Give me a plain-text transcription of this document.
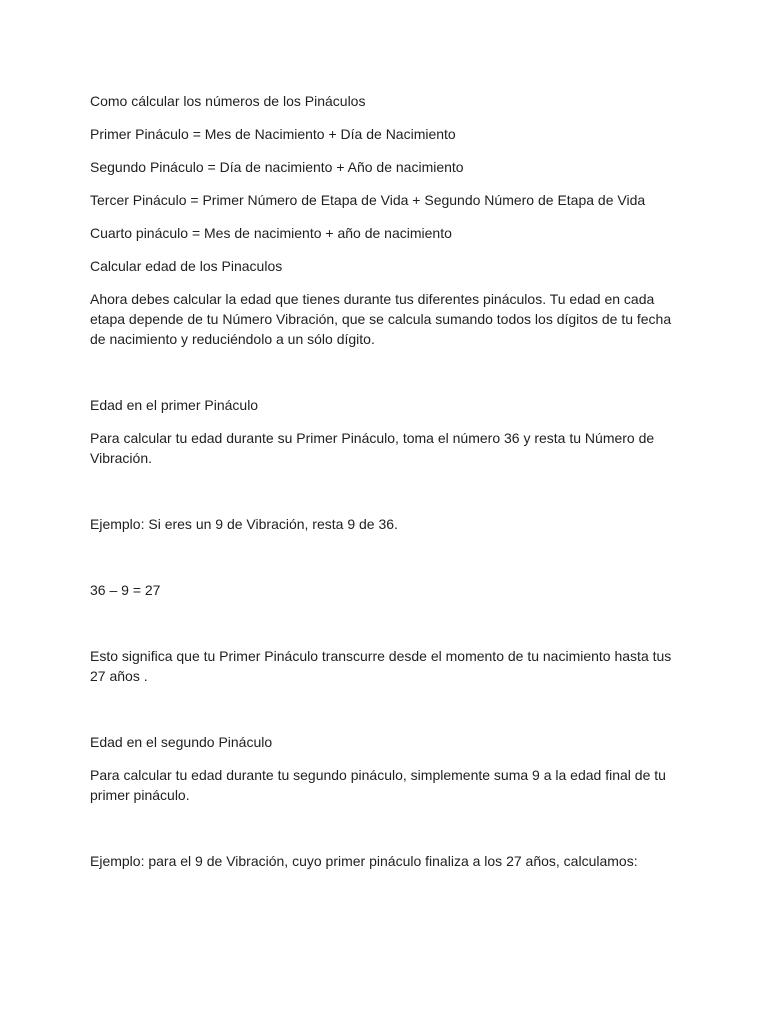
Como cálcular los números de los Pináculos

Primer Pináculo = Mes de Nacimiento + Día de Nacimiento

Segundo Pináculo = Día de nacimiento + Año de nacimiento

Tercer Pináculo = Primer Número de Etapa de Vida + Segundo Número de Etapa de Vida

Cuarto pináculo = Mes de nacimiento + año de nacimiento

Calcular edad de los Pinaculos

Ahora debes calcular la edad que tienes durante tus diferentes pináculos. Tu edad en cada etapa depende de tu Número Vibración, que se calcula sumando todos los dígitos de tu fecha de nacimiento y reduciéndolo a un sólo dígito.

Edad en el primer Pináculo

Para calcular tu edad durante su Primer Pináculo, toma el número 36 y resta tu Número de Vibración.

Ejemplo: Si eres un 9 de Vibración, resta 9 de 36.

36 – 9 = 27

Esto significa que tu Primer Pináculo transcurre desde el momento de tu nacimiento hasta tus 27 años .

Edad en el segundo Pináculo

Para calcular tu edad durante tu segundo pináculo, simplemente suma 9 a la edad final de tu primer pináculo.

Ejemplo: para el 9 de Vibración, cuyo primer pináculo finaliza a los 27 años, calculamos:
